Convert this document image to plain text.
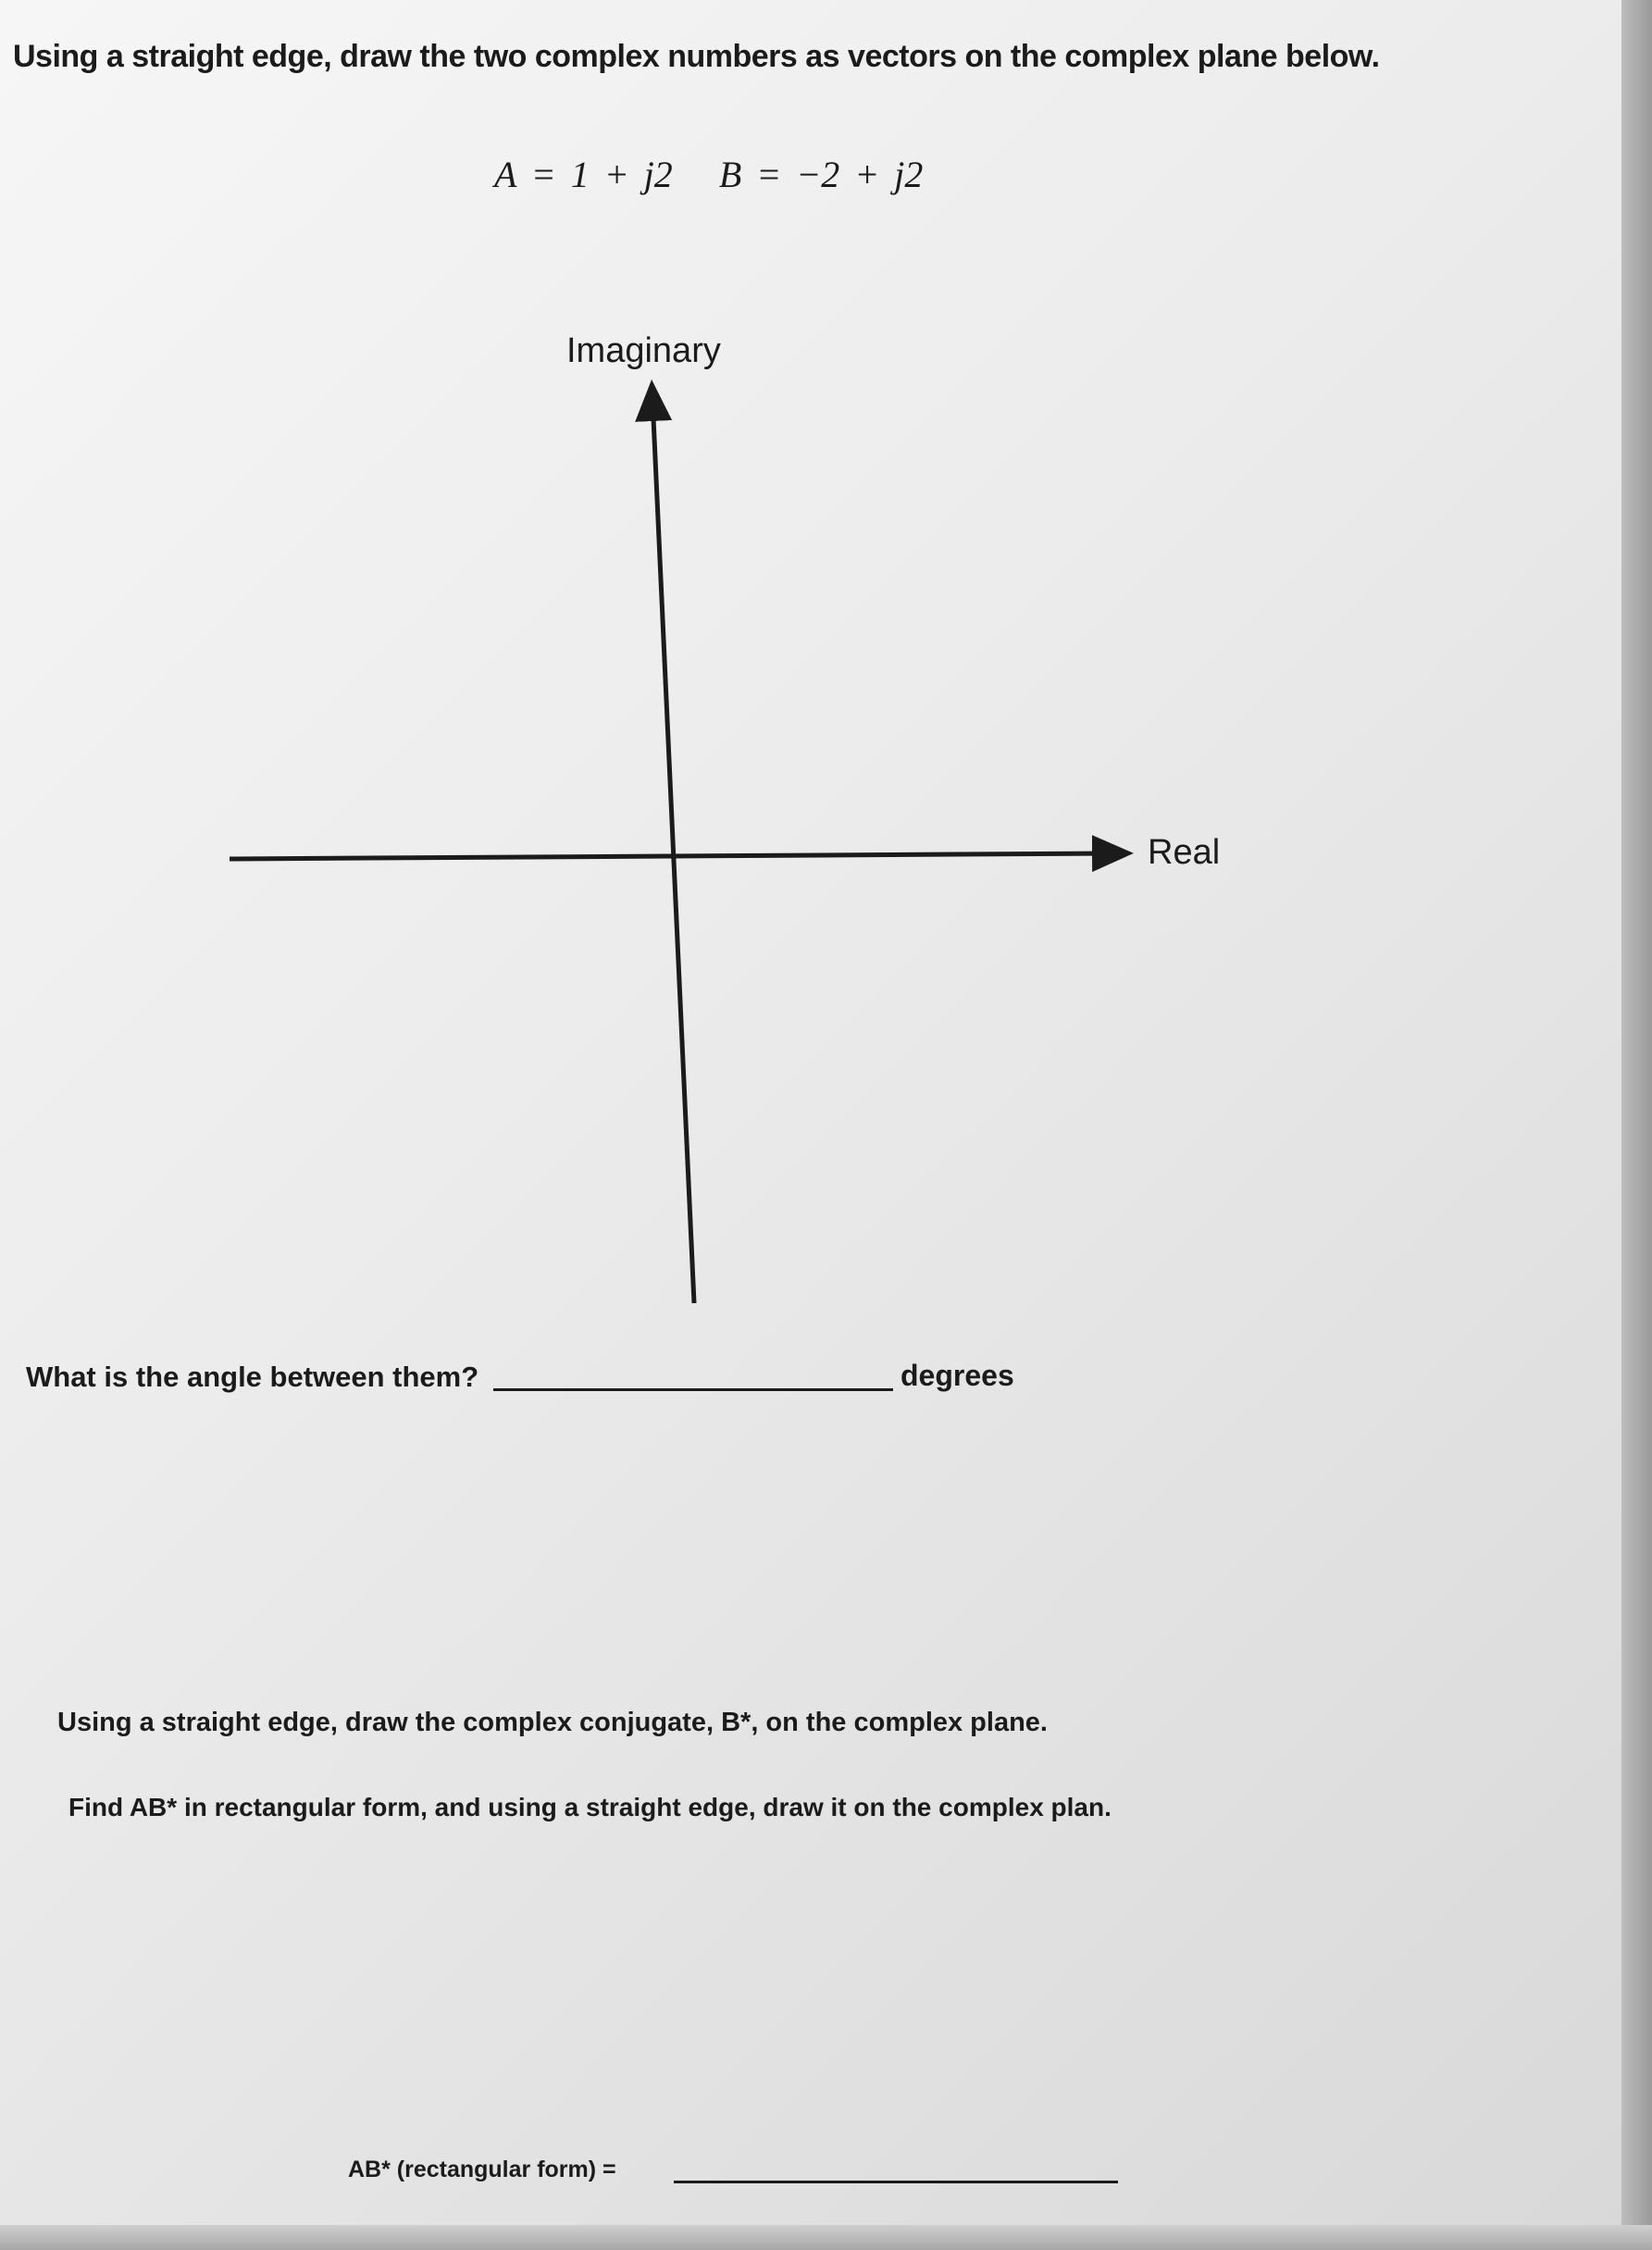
Using a straight edge, draw the two complex numbers as vectors on the complex plane below.
A = 1 + j2 B = −2 + j2
Imaginary
Real
What is the angle between them?	degrees
Using a straight edge, draw the complex conjugate, B*, on the complex plane.
Find AB* in rectangular form, and using a straight edge, draw it on the complex plan.
AB* (rectangular form) =
